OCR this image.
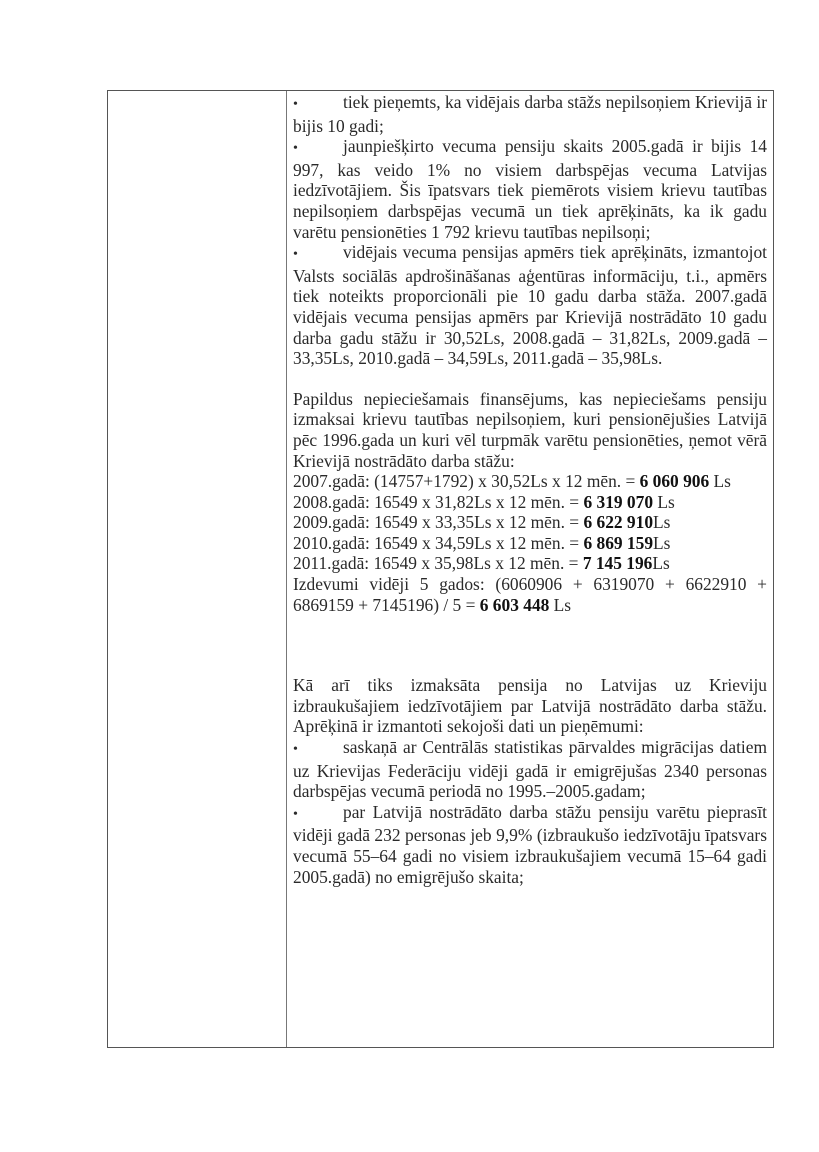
•	tiek pieņemts, ka vidējais darba stāžs nepilsoņiem Krievijā ir bijis 10 gadi;

•	jaunpiešķirto vecuma pensiju skaits 2005.gadā ir bijis 14 997, kas veido 1% no visiem darbspējas vecuma Latvijas iedzīvotājiem. Šis īpatsvars tiek piemērots visiem krievu tautības nepilsoņiem darbspējas vecumā un tiek aprēķināts, ka ik gadu varētu pensionēties 1 792 krievu tautības nepilsoņi;

•	vidējais vecuma pensijas apmērs tiek aprēķināts, izmantojot Valsts sociālās apdrošināšanas aģentūras informāciju, t.i., apmērs tiek noteikts proporcionāli pie 10 gadu darba stāža. 2007.gadā vidējais vecuma pensijas apmērs par Krievijā nostrādāto 10 gadu darba gadu stāžu ir 30,52Ls, 2008.gadā – 31,82Ls, 2009.gadā – 33,35Ls, 2010.gadā – 34,59Ls, 2011.gadā – 35,98Ls.

Papildus nepieciešamais finansējums, kas nepieciešams pensiju izmaksai krievu tautības nepilsoņiem, kuri pensionējušies Latvijā pēc 1996.gada un kuri vēl turpmāk varētu pensionēties, ņemot vērā Krievijā nostrādāto darba stāžu:

2007.gadā: (14757+1792) x 30,52Ls x 12 mēn. = 6 060 906 Ls

2008.gadā: 16549 x 31,82Ls x 12 mēn. = 6 319 070 Ls

2009.gadā: 16549 x 33,35Ls x 12 mēn. = 6 622 910Ls

2010.gadā: 16549 x 34,59Ls x 12 mēn. = 6 869 159Ls

2011.gadā: 16549 x 35,98Ls x 12 mēn. = 7 145 196Ls

Izdevumi vidēji 5 gados: (6060906 + 6319070 + 6622910 + 6869159 + 7145196) / 5 = 6 603 448 Ls

Kā arī tiks izmaksāta pensija no Latvijas uz Krieviju izbraukušajiem iedzīvotājiem par Latvijā nostrādāto darba stāžu. Aprēķinā ir izmantoti sekojoši dati un pieņēmumi:

•	saskaņā ar Centrālās statistikas pārvaldes migrācijas datiem uz Krievijas Federāciju vidēji gadā ir emigrējušas 2340 personas darbspējas vecumā periodā no 1995.–2005.gadam;

•	par Latvijā nostrādāto darba stāžu pensiju varētu pieprasīt vidēji gadā 232 personas jeb 9,9% (izbraukušo iedzīvotāju īpatsvars vecumā 55–64 gadi no visiem izbraukušajiem vecumā 15–64 gadi 2005.gadā) no emigrējušo skaita;
